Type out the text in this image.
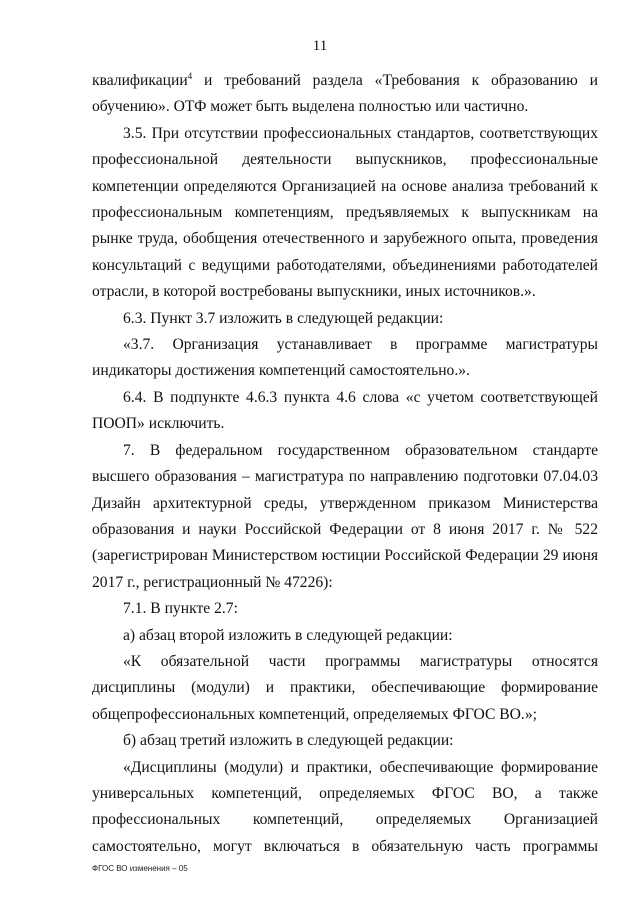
11

квалификации$^4$ и требований раздела «Требования к образованию и обучению». ОТФ может быть выделена полностью или частично.

3.5. При отсутствии профессиональных стандартов, соответствующих профессиональной деятельности выпускников, профессиональные компетенции определяются Организацией на основе анализа требований к профессиональным компетенциям, предъявляемых к выпускникам на рынке труда, обобщения отечественного и зарубежного опыта, проведения консультаций с ведущими работодателями, объединениями работодателей отрасли, в которой востребованы выпускники, иных источников.».

6.3. Пункт 3.7 изложить в следующей редакции:

«3.7. Организация устанавливает в программе магистратуры индикаторы достижения компетенций самостоятельно.».

6.4. В подпункте 4.6.3 пункта 4.6 слова «с учетом соответствующей ПООП» исключить.

7. В федеральном государственном образовательном стандарте высшего образования – магистратура по направлению подготовки 07.04.03 Дизайн архитектурной среды, утвержденном приказом Министерства образования и науки Российской Федерации от 8 июня 2017 г. № 522 (зарегистрирован Министерством юстиции Российской Федерации 29 июня 2017 г., регистрационный № 47226):

7.1. В пункте 2.7:

а) абзац второй изложить в следующей редакции:

«К обязательной части программы магистратуры относятся дисциплины (модули) и практики, обеспечивающие формирование общепрофессиональных компетенций, определяемых ФГОС ВО.»;

б) абзац третий изложить в следующей редакции:

«Дисциплины (модули) и практики, обеспечивающие формирование универсальных компетенций, определяемых ФГОС ВО, а также профессиональных компетенций, определяемых Организацией самостоятельно, могут включаться в обязательную часть программы

ФГОС ВО изменения – 05
